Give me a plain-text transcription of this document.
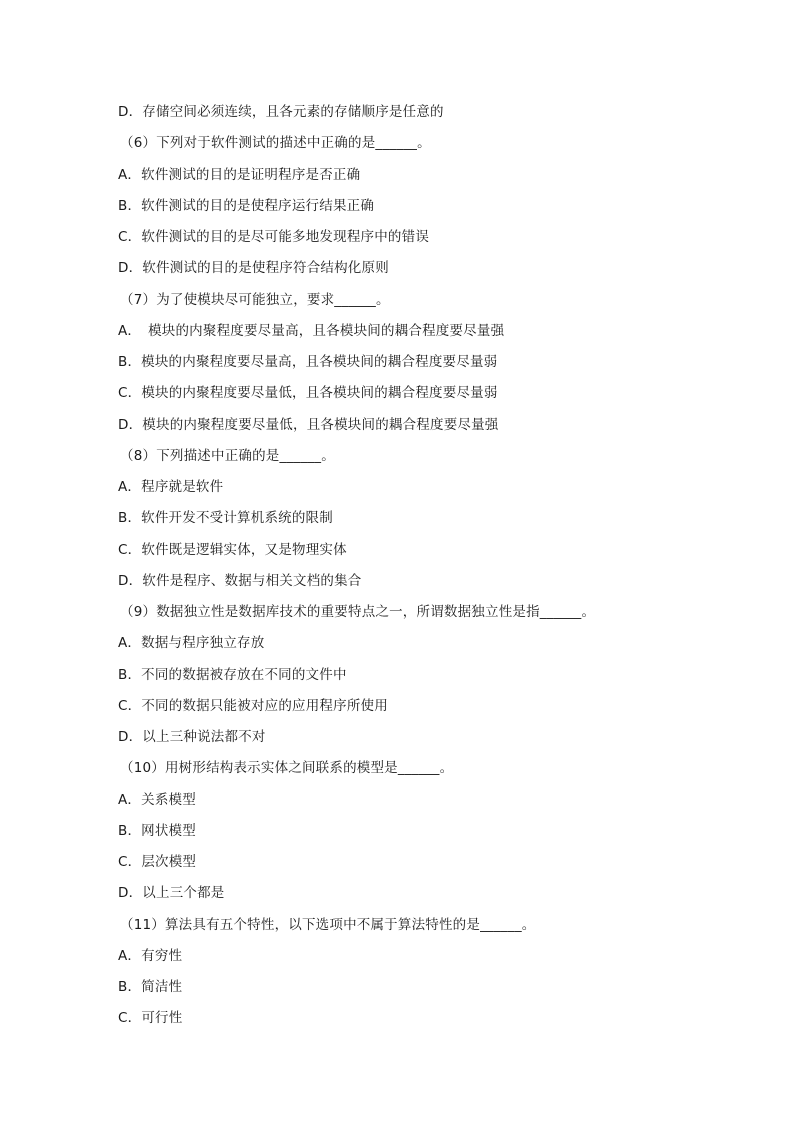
D．存储空间必须连续，且各元素的存储顺序是任意的
（6）下列对于软件测试的描述中正确的是______。
A．软件测试的目的是证明程序是否正确
B．软件测试的目的是使程序运行结果正确
C．软件测试的目的是尽可能多地发现程序中的错误
D．软件测试的目的是使程序符合结构化原则
（7）为了使模块尽可能独立，要求______。
A．　模块的内聚程度要尽量高，且各模块间的耦合程度要尽量强
B．模块的内聚程度要尽量高，且各模块间的耦合程度要尽量弱
C．模块的内聚程度要尽量低，且各模块间的耦合程度要尽量弱
D．模块的内聚程度要尽量低，且各模块间的耦合程度要尽量强
（8）下列描述中正确的是______。
A．程序就是软件
B．软件开发不受计算机系统的限制
C．软件既是逻辑实体，又是物理实体
D．软件是程序、数据与相关文档的集合
（9）数据独立性是数据库技术的重要特点之一，所谓数据独立性是指______。
A．数据与程序独立存放
B．不同的数据被存放在不同的文件中
C．不同的数据只能被对应的应用程序所使用
D．以上三种说法都不对
（10）用树形结构表示实体之间联系的模型是______。
A．关系模型
B．网状模型
C．层次模型
D．以上三个都是
（11）算法具有五个特性，以下选项中不属于算法特性的是______。
A．有穷性
B．简洁性
C．可行性
